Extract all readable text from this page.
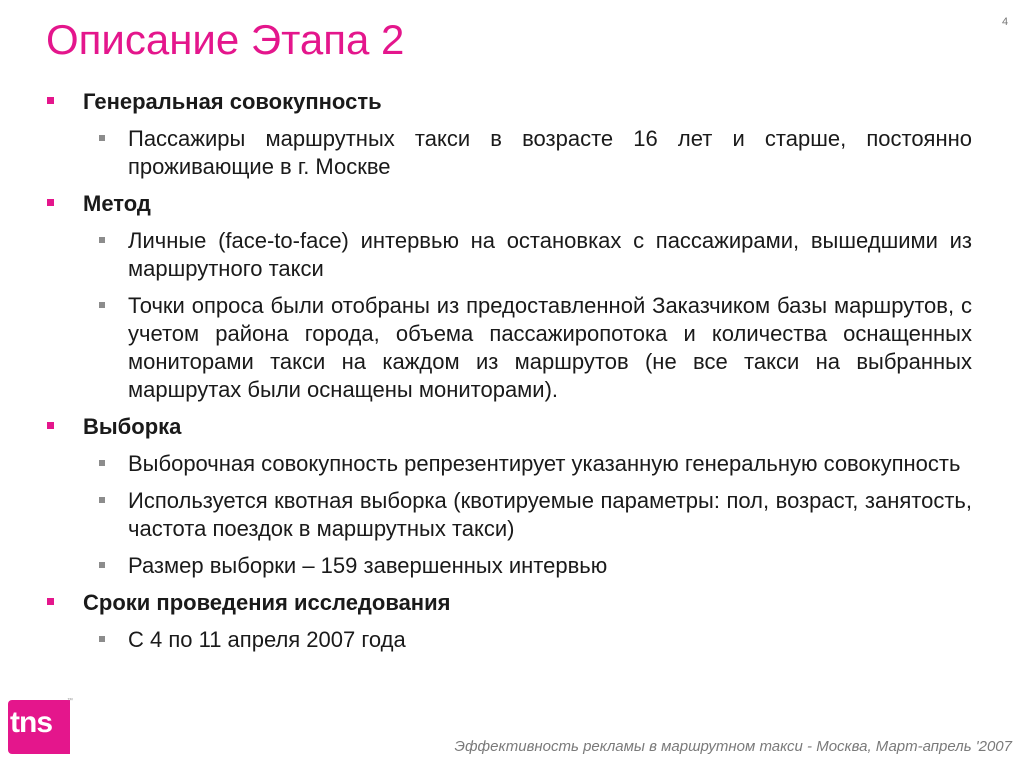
Описание Этапа 2	4
Генеральная совокупность
Пассажиры маршрутных такси в возрасте 16 лет и старше, постоянно проживающие в г. Москве
Метод
Личные (face-to-face) интервью на остановках с пассажирами, вышедшими из маршрутного такси
Точки опроса были отобраны из предоставленной Заказчиком базы маршрутов, с учетом района города, объема пассажиропотока и количества оснащенных мониторами такси на каждом из маршрутов (не все такси на выбранных маршрутах были оснащены мониторами).
Выборка
Выборочная совокупность репрезентирует указанную генеральную совокупность
Используется квотная выборка (квотируемые параметры: пол, возраст, занятость, частота поездок в маршрутных такси)
Размер выборки – 159 завершенных интервью
Сроки проведения исследования
С 4 по 11 апреля 2007 года
tns
™
Эффективность рекламы в маршрутном такси - Москва, Март-апрель '2007
